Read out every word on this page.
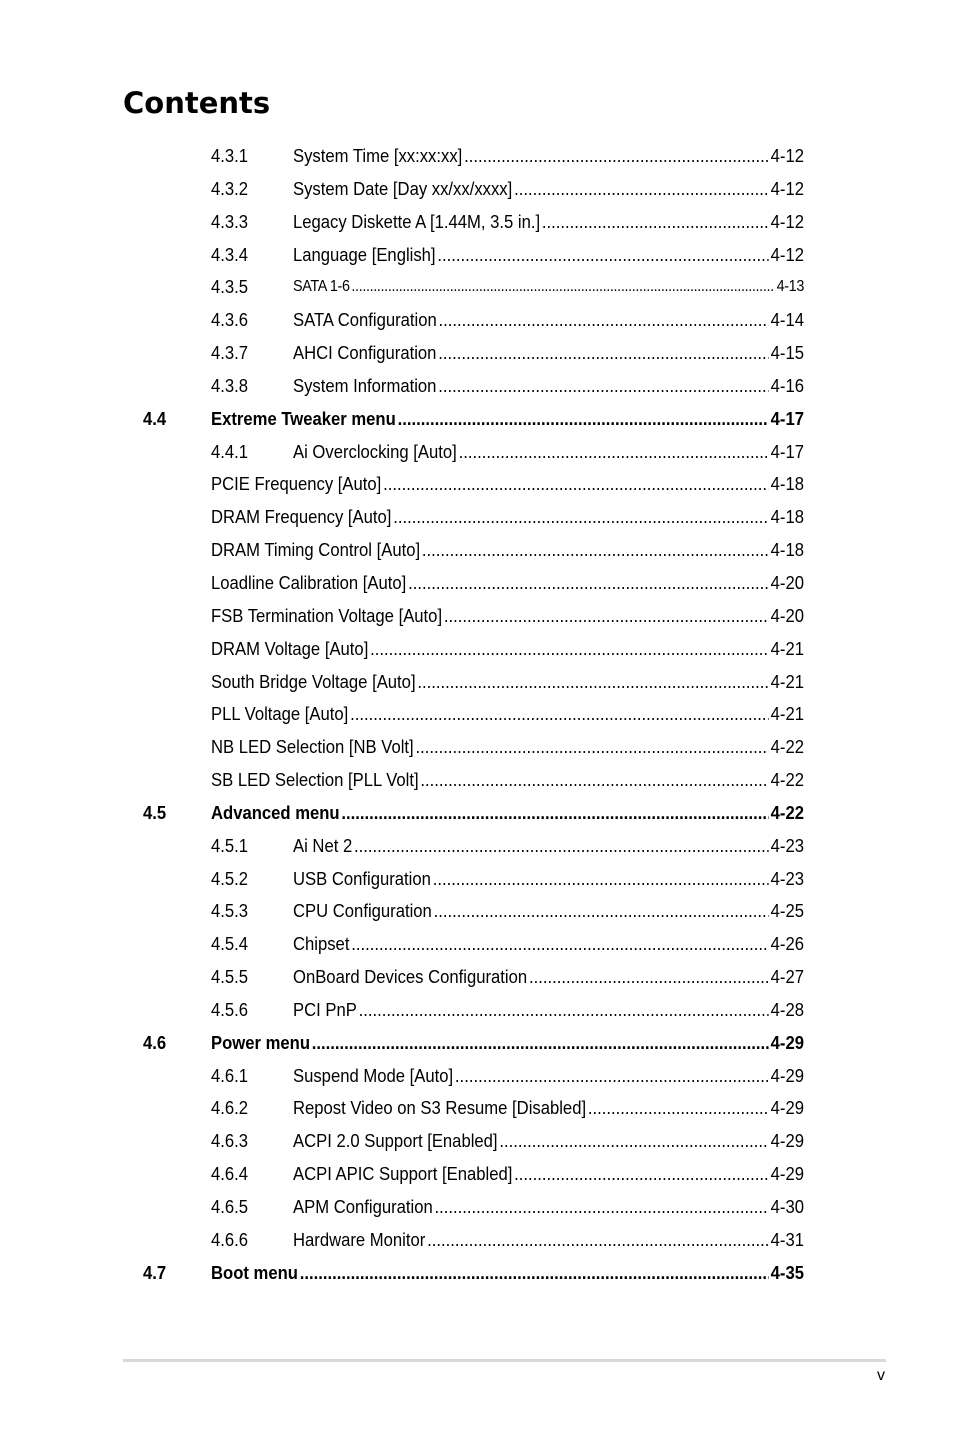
Contents
4.3.1 System Time [xx:xx:xx] .....	4-12
4.3.2 System Date [Day xx/xx/xxxx] .....	4-12
4.3.3 Legacy Diskette A [1.44M, 3.5 in.] .....	4-12
4.3.4 Language [English] .....	4-12
4.3.5	SATA 1-6 .....	4-13
4.3.6 SATA Configuration .....	4-14
4.3.7 AHCI Configuration .....	4-15
4.3.8 System Information .....	4-16
4.4 Extreme Tweaker menu .....	4-17
4.4.1 Ai Overclocking [Auto] .....	4-17
PCIE Frequency [Auto] .....	4-18
DRAM Frequency [Auto] .....	4-18
DRAM Timing Control [Auto] .....	4-18
Loadline Calibration [Auto] .....	4-20
FSB Termination Voltage [Auto] .....	4-20
DRAM Voltage [Auto] .....	4-21
South Bridge Voltage [Auto] .....	4-21
PLL Voltage [Auto] .....	4-21
NB LED Selection [NB Volt] .....	4-22
SB LED Selection [PLL Volt] .....	4-22
4.5 Advanced menu .....	4-22
4.5.1 Ai Net 2 .....	4-23
4.5.2 USB Configuration .....	4-23
4.5.3 CPU Configuration .....	4-25
4.5.4 Chipset .....	4-26
4.5.5 OnBoard Devices Configuration .....	4-27
4.5.6 PCI PnP .....	4-28
4.6 Power menu .....	4-29
4.6.1 Suspend Mode [Auto] .....	4-29
4.6.2 Repost Video on S3 Resume [Disabled] .....	4-29
4.6.3 ACPI 2.0 Support [Enabled] .....	4-29
4.6.4 ACPI APIC Support [Enabled] .....	4-29
4.6.5 APM Configuration .....	4-30
4.6.6 Hardware Monitor .....	4-31
4.7 Boot menu .....	4-35
v
